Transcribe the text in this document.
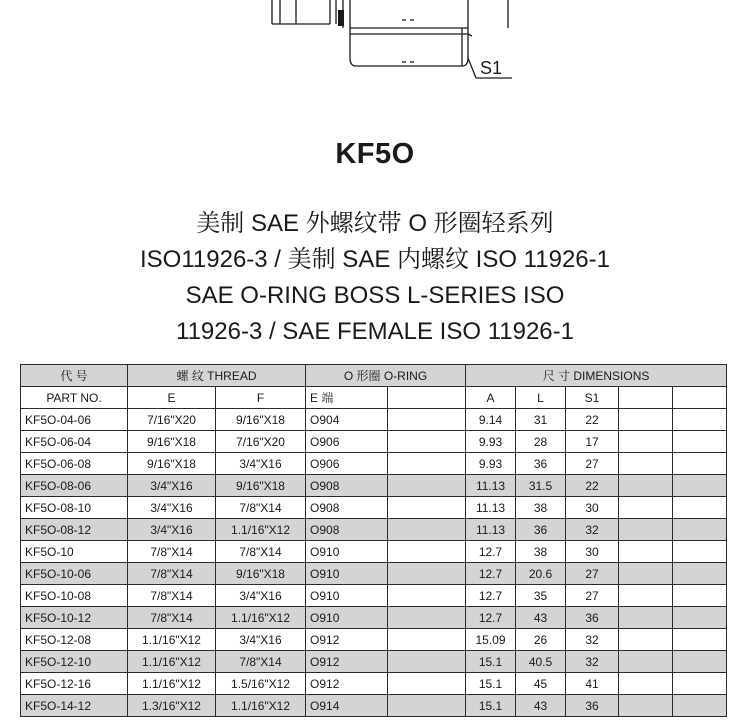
S1
KF5O
美制 SAE 外螺纹带 O 形圈轻系列
ISO11926-3 / 美制 SAE 内螺纹 ISO 11926-1
SAE O-RING BOSS L-SERIES ISO
11926-3 / SAE FEMALE ISO 11926-1
代 号	螺 纹 THREAD		O 形圈 O-RING		尺 寸 DIMENSIONS				
PART NO.	E	F	E 端		A	L	S1		
KF5O-04-06	7/16"X20	9/16"X18	O904		9.14	31	22		
KF5O-06-04	9/16"X18	7/16"X20	O906		9.93	28	17		
KF5O-06-08	9/16"X18	3/4"X16	O906		9.93	36	27		
KF5O-08-06	3/4"X16	9/16"X18	O908		11.13	31.5	22		
KF5O-08-10	3/4"X16	7/8"X14	O908		11.13	38	30		
KF5O-08-12	3/4"X16	1.1/16"X12	O908		11.13	36	32		
KF5O-10	7/8"X14	7/8"X14	O910		12.7	38	30		
KF5O-10-06	7/8"X14	9/16"X18	O910		12.7	20.6	27		
KF5O-10-08	7/8"X14	3/4"X16	O910		12.7	35	27		
KF5O-10-12	7/8"X14	1.1/16"X12	O910		12.7	43	36		
KF5O-12-08	1.1/16"X12	3/4"X16	O912		15.09	26	32		
KF5O-12-10	1.1/16"X12	7/8"X14	O912		15.1	40.5	32		
KF5O-12-16	1.1/16"X12	1.5/16"X12	O912		15.1	45	41		
KF5O-14-12	1.3/16"X12	1.1/16"X12	O914		15.1	43	36		
